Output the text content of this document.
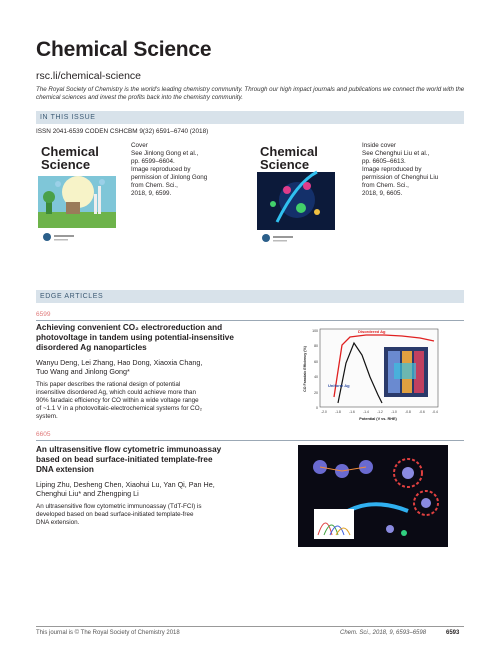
Chemical Science
rsc.li/chemical-science
The Royal Society of Chemistry is the world's leading chemistry community. Through our high impact journals and publications we connect the world with the chemical sciences and invest the profits back into the chemistry community.
IN THIS ISSUE
ISSN 2041-6539 CODEN CSHCBM 9(32) 6591–6740 (2018)
Chemical Science
Cover
See Jinlong Gong et al.,
pp. 6599–6604.
Image reproduced by
permission of Jinlong Gong
from Chem. Sci.,
2018, 9, 6599.
Chemical Science
Inside cover
See Chenghui Liu et al.,
pp. 6605–6613.
Image reproduced by
permission of Chenghui Liu
from Chem. Sci.,
2018, 9, 6605.
EDGE ARTICLES
6599
Achieving convenient CO₂ electroreduction and
photovoltage in tandem using potential-insensitive
disordered Ag nanoparticles
Wanyu Deng, Lei Zhang, Hao Dong, Xiaoxia Chang,
Tuo Wang and Jinlong Gong*
This paper describes the rational design of potential
insensitive disordered Ag, which could achieve more than
90% faradaic efficiency for CO within a wide voltage range
of ~1.1 V in a photovoltaic-electrochemical systems for CO₂
system.
100
80
60
40
20
0
-2.0	-1.8	-1.6	-1.4	-1.2	-1.0	-0.8	-0.6 -0.4
Disordered Ag
Uniform Ag
Potential (V vs. RHE)
CO Faradaic Efficiency (%)
6605
An ultrasensitive flow cytometric immunoassay
based on bead surface-initiated template-free
DNA extension
Liping Zhu, Desheng Chen, Xiaohui Lu, Yan Qi, Pan He,
Chenghui Liu* and Zhengping Li
An ultrasensitive flow cytometric immunoassay (TdT-FCI) is
developed based on bead surface-initiated template-free
DNA extension.
This journal is © The Royal Society of Chemistry 2018	Chem. Sci., 2018, 9, 6593–6598	6593
